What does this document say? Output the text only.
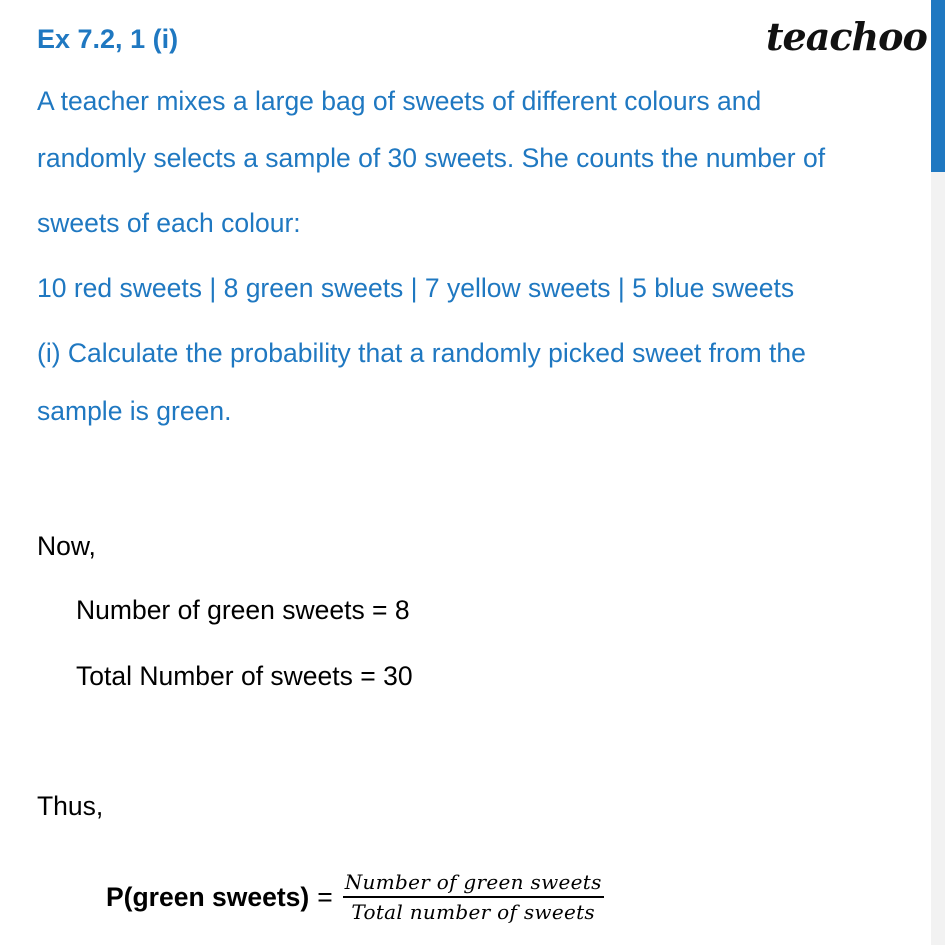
Ex 7.2, 1 (i)	teachoo
A teacher mixes a large bag of sweets of different colours and
randomly selects a sample of 30 sweets. She counts the number of
sweets of each colour:
10 red sweets | 8 green sweets | 7 yellow sweets | 5 blue sweets
(i) Calculate the probability that a randomly picked sweet from the
sample is green.
Now,
Number of green sweets = 8
Total Number of sweets = 30
Thus,
P(green sweets) = $\frac{\text{Number of green sweets}}{\text{Total number of sweets}}$
